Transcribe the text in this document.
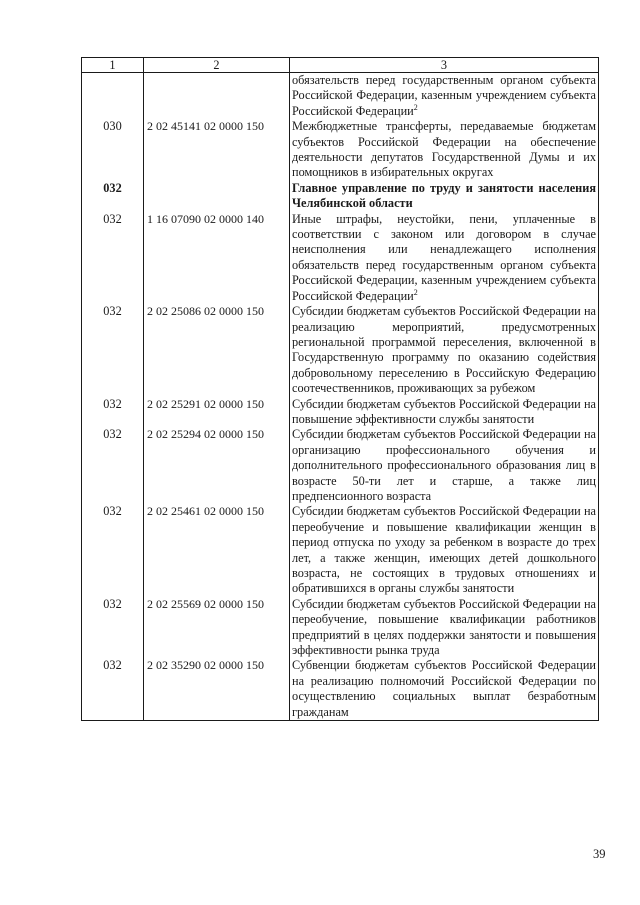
1	2	3
		обязательств перед государственным органом субъекта Российской Федерации, казенным учреждением субъекта Российской Федерации$^2$
030	2 02 45141 02 0000 150	Межбюджетные трансферты, передаваемые бюджетам субъектов Российской Федерации на обеспечение деятельности депутатов Государственной Думы и их помощников в избирательных округах
032		Главное управление по труду и занятости населения Челябинской области
032	1 16 07090 02 0000 140	Иные штрафы, неустойки, пени, уплаченные в соответствии с законом или договором в случае неисполнения или ненадлежащего исполнения обязательств перед государственным органом субъекта Российской Федерации, казенным учреждением субъекта Российской Федерации$^2$
032	2 02 25086 02 0000 150	Субсидии бюджетам субъектов Российской Федерации на реализацию мероприятий, предусмотренных региональной программой переселения, включенной в Государственную программу по оказанию содействия добровольному переселению в Российскую Федерацию соотечественников, проживающих за рубежом
032	2 02 25291 02 0000 150	Субсидии бюджетам субъектов Российской Федерации на повышение эффективности службы занятости
032	2 02 25294 02 0000 150	Субсидии бюджетам субъектов Российской Федерации на организацию профессионального обучения и дополнительного профессионального образования лиц в возрасте 50-ти лет и старше, а также лиц предпенсионного возраста
032	2 02 25461 02 0000 150	Субсидии бюджетам субъектов Российской Федерации на переобучение и повышение квалификации женщин в период отпуска по уходу за ребенком в возрасте до трех лет, а также женщин, имеющих детей дошкольного возраста, не состоящих в трудовых отношениях и обратившихся в органы службы занятости
032	2 02 25569 02 0000 150	Субсидии бюджетам субъектов Российской Федерации на переобучение, повышение квалификации работников предприятий в целях поддержки занятости и повышения эффективности рынка труда
032	2 02 35290 02 0000 150	Субвенции бюджетам субъектов Российской Федерации на реализацию полномочий Российской Федерации по осуществлению социальных выплат безработным гражданам
39
